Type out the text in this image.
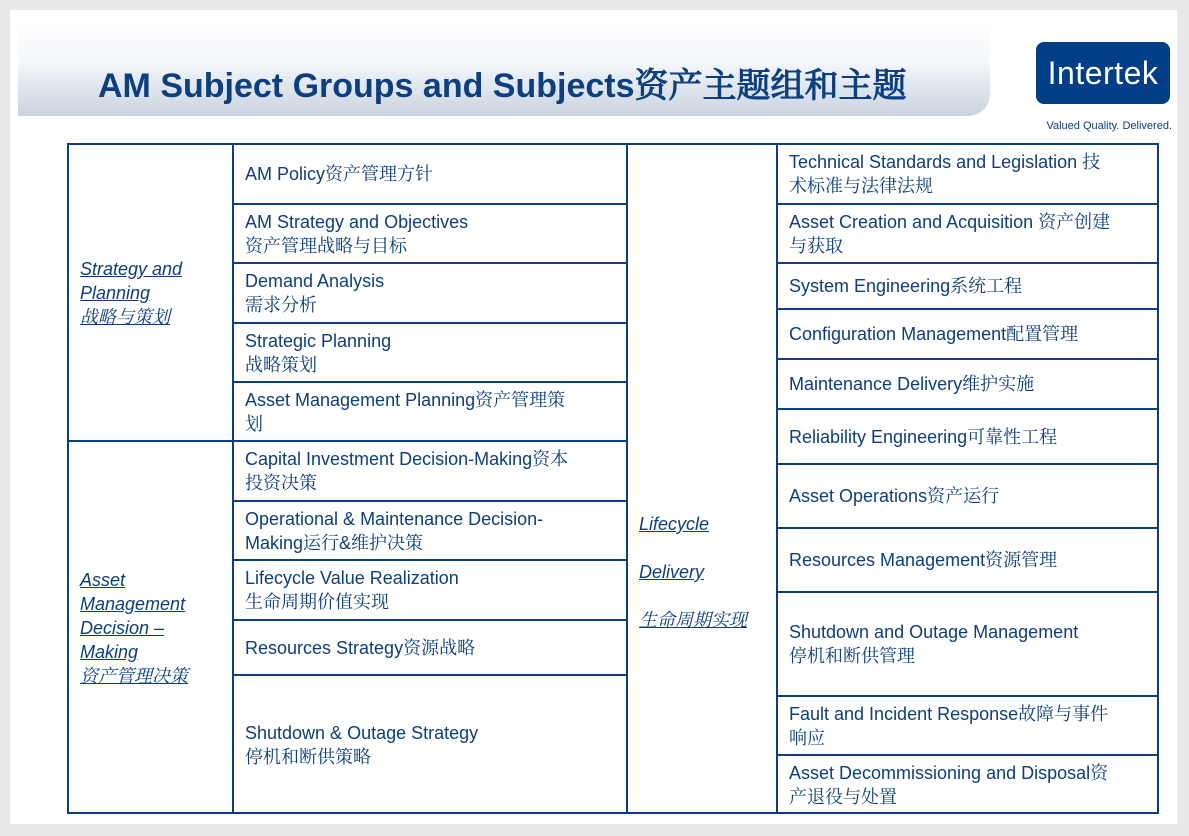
AM Subject Groups and Subjects资产主题组和主题	Intertek
Valued Quality. Delivered.
Strategy and
Planning
战略与策划
Asset
Management
Decision –
Making
资产管理决策
AM Policy资产管理方针
AM Strategy and Objectives
资产管理战略与目标
Demand Analysis
需求分析
Strategic Planning
战略策划
Asset Management Planning资产管理策
划
Capital Investment Decision-Making资本
投资决策
Operational & Maintenance Decision-
Making运行&维护决策
Lifecycle Value Realization
生命周期价值实现
Resources Strategy资源战略
Shutdown & Outage Strategy
停机和断供策略
Lifecycle
Delivery
生命周期实现
Technical Standards and Legislation 技
术标准与法律法规
Asset Creation and Acquisition 资产创建
与获取
System Engineering系统工程
Configuration Management配置管理
Maintenance Delivery维护实施
Reliability Engineering可靠性工程
Asset Operations资产运行
Resources Management资源管理
Shutdown and Outage Management
停机和断供管理
Fault and Incident Response故障与事件
响应
Asset Decommissioning and Disposal资
产退役与处置
